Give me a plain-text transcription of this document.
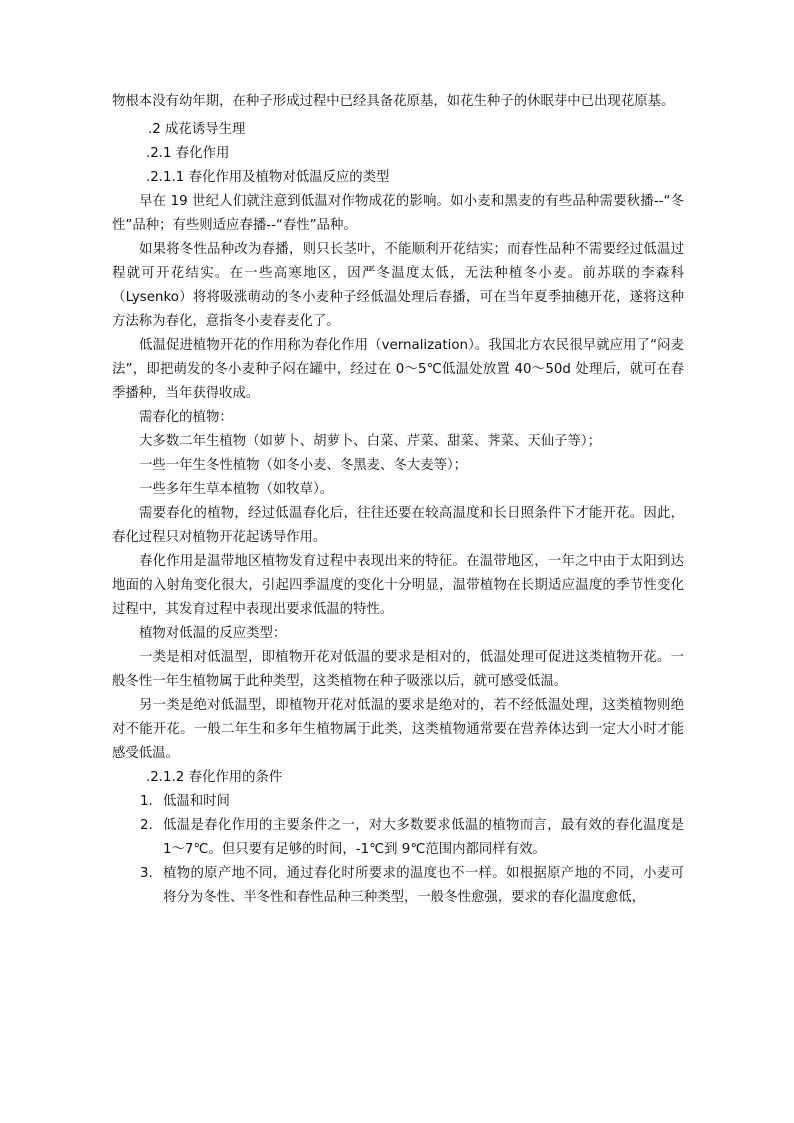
物根本没有幼年期，在种子形成过程中已经具备花原基，如花生种子的休眠芽中已出现花原基。

.2 成花诱导生理

.2.1 春化作用

.2.1.1 春化作用及植物对低温反应的类型

早在 19 世纪人们就注意到低温对作物成花的影响。如小麦和黑麦的有些品种需要秋播--“冬性”品种；有些则适应春播--“春性”品种。

如果将冬性品种改为春播，则只长茎叶，不能顺利开花结实；而春性品种不需要经过低温过程就可开花结实。在一些高寒地区，因严冬温度太低，无法种植冬小麦。前苏联的李森科（Lysenko）将将吸涨萌动的冬小麦种子经低温处理后春播，可在当年夏季抽穗开花，遂将这种方法称为春化，意指冬小麦春麦化了。

低温促进植物开花的作用称为春化作用（vernalization）。我国北方农民很早就应用了“闷麦法”，即把萌发的冬小麦种子闷在罐中，经过在 0～5℃低温处放置 40～50d 处理后，就可在春季播种，当年获得收成。

需春化的植物：

大多数二年生植物（如萝卜、胡萝卜、白菜、芹菜、甜菜、荠菜、天仙子等）；

一些一年生冬性植物（如冬小麦、冬黑麦、冬大麦等）；

一些多年生草本植物（如牧草）。

需要春化的植物，经过低温春化后，往往还要在较高温度和长日照条件下才能开花。因此，春化过程只对植物开花起诱导作用。

春化作用是温带地区植物发育过程中表现出来的特征。在温带地区，一年之中由于太阳到达地面的入射角变化很大，引起四季温度的变化十分明显，温带植物在长期适应温度的季节性变化过程中，其发育过程中表现出要求低温的特性。

植物对低温的反应类型：

一类是相对低温型，即植物开花对低温的要求是相对的，低温处理可促进这类植物开花。一般冬性一年生植物属于此种类型，这类植物在种子吸涨以后，就可感受低温。

另一类是绝对低温型，即植物开花对低温的要求是绝对的，若不经低温处理，这类植物则绝对不能开花。一般二年生和多年生植物属于此类，这类植物通常要在营养体达到一定大小时才能感受低温。

.2.1.2 春化作用的条件

1. 低温和时间
2. 低温是春化作用的主要条件之一，对大多数要求低温的植物而言，最有效的春化温度是 1～7℃。但只要有足够的时间，-1℃到 9℃范围内都同样有效。
3. 植物的原产地不同，通过春化时所要求的温度也不一样。如根据原产地的不同，小麦可将分为冬性、半冬性和春性品种三种类型，一般冬性愈强，要求的春化温度愈低，
